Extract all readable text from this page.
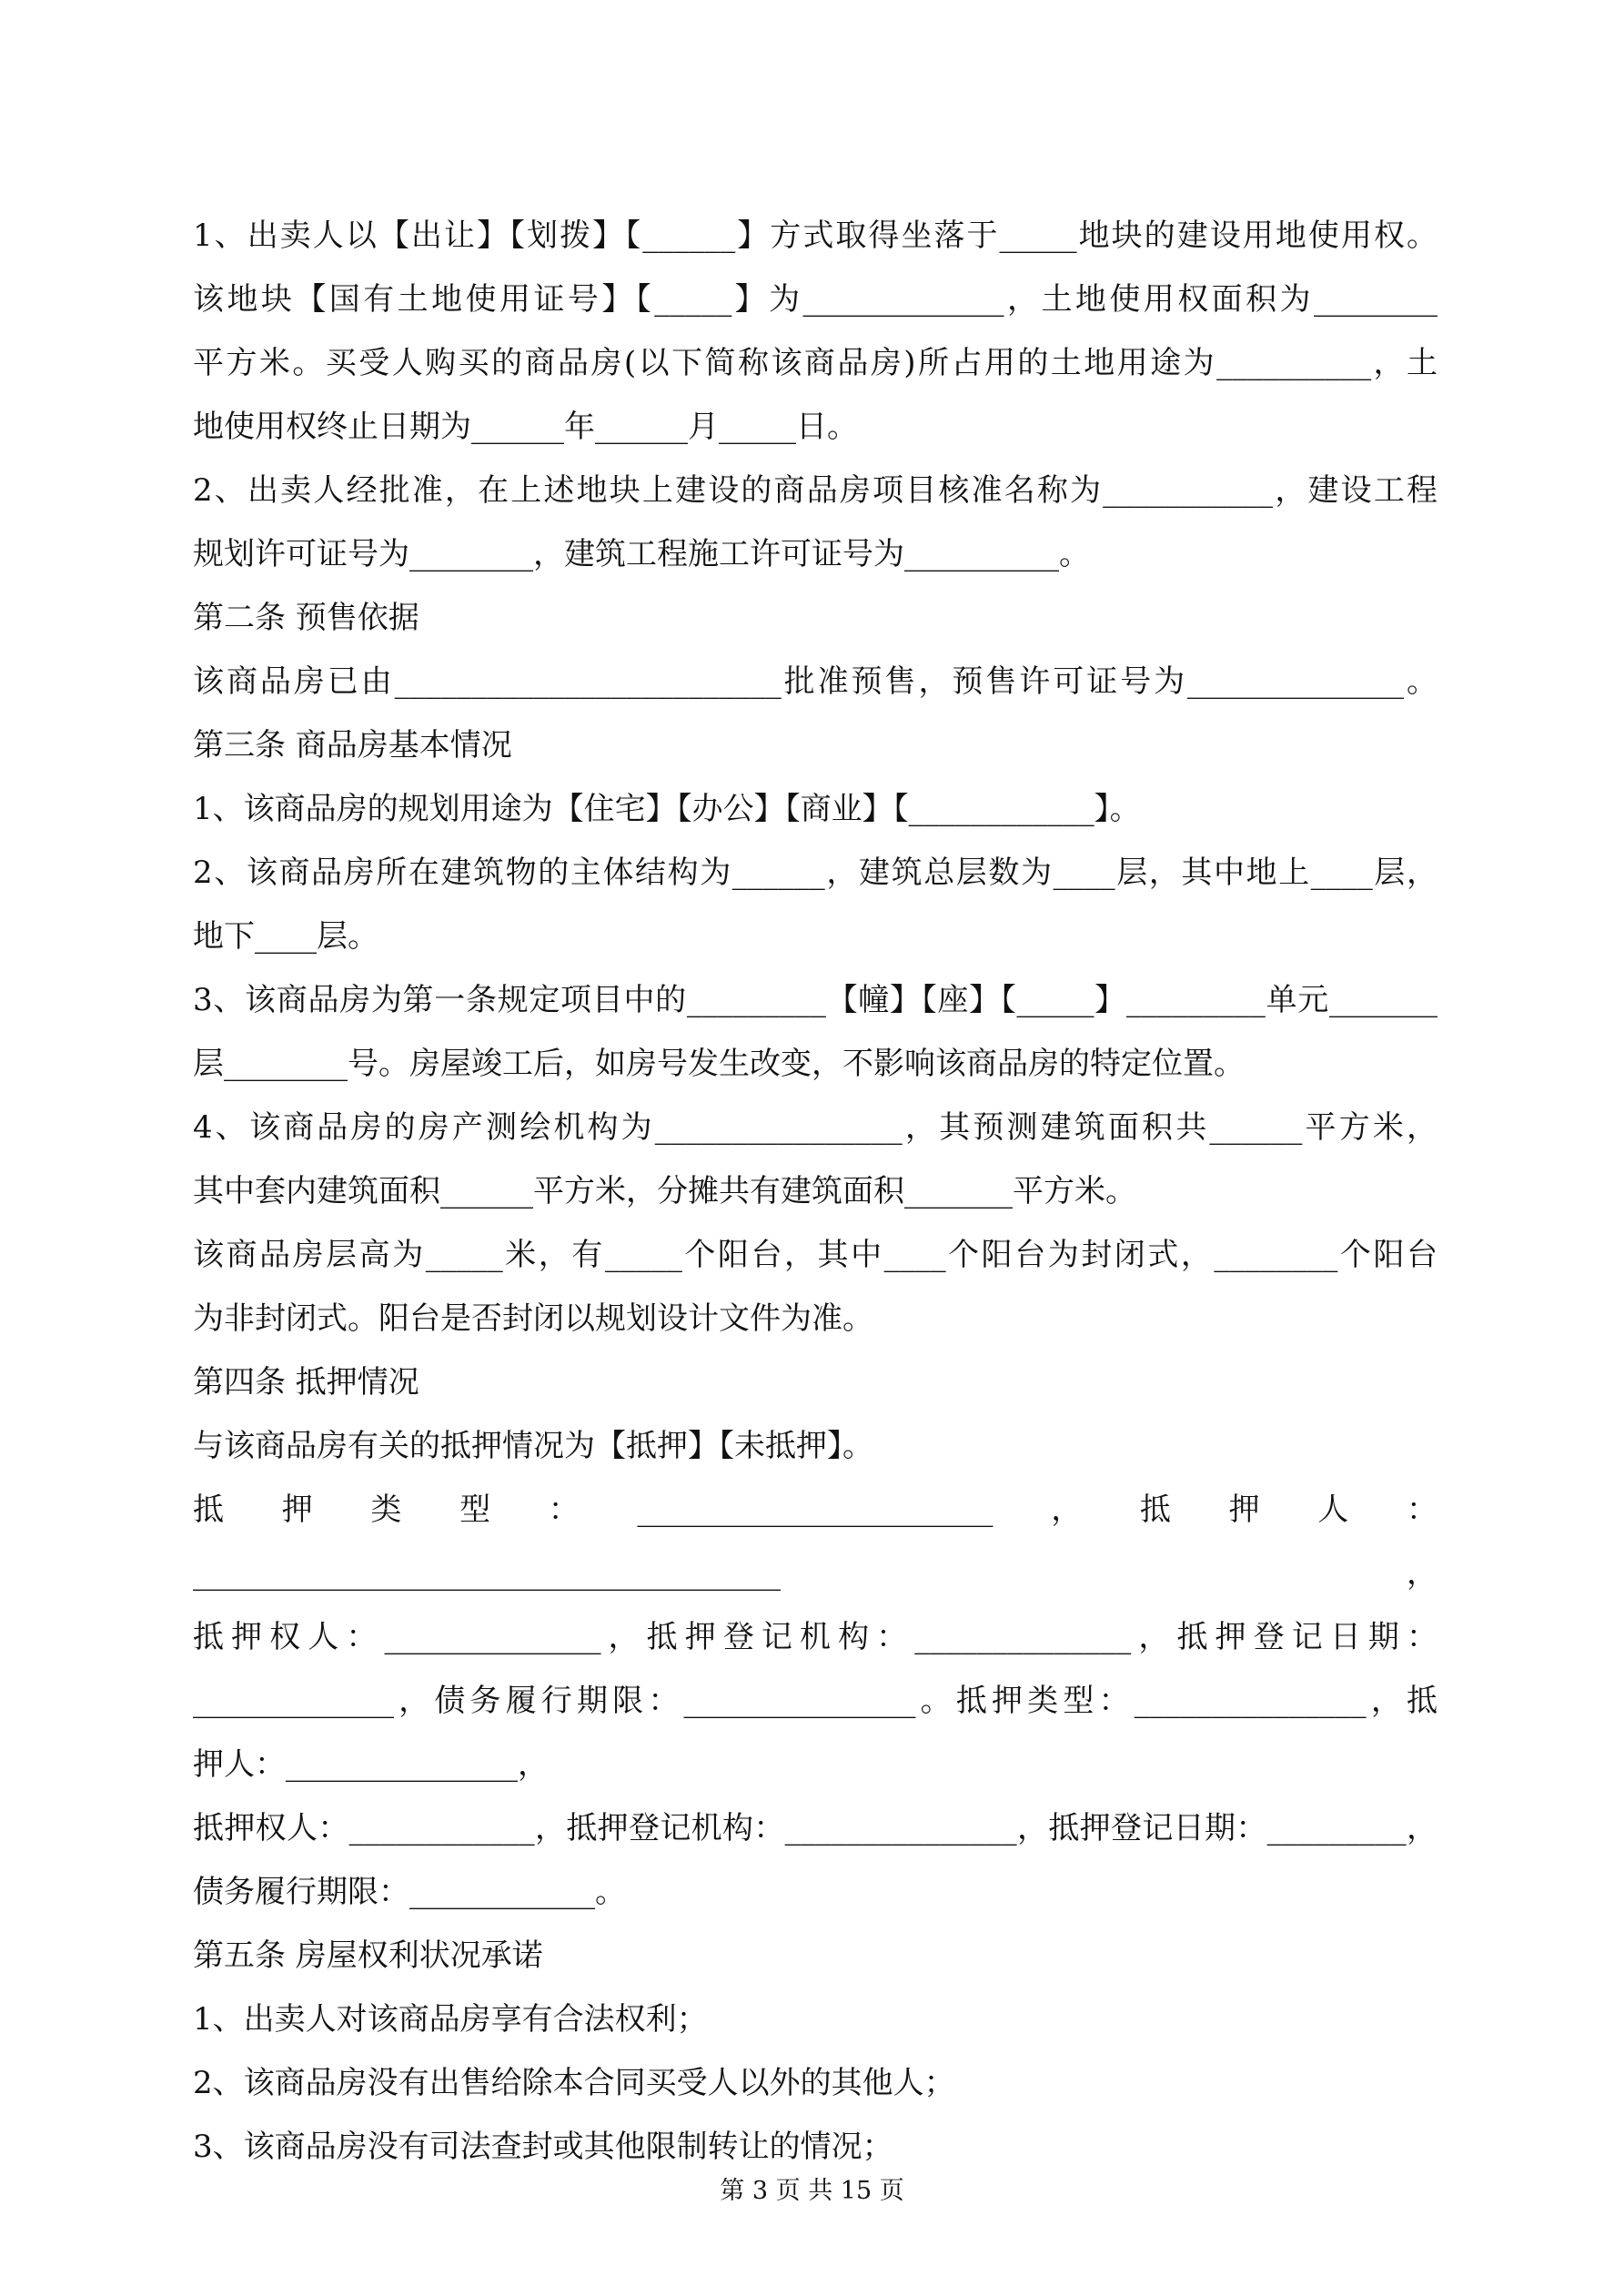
1、出卖人以【出让】【划拨】【______】方式取得坐落于_____地块的建设用地使用权。
该地块【国有土地使用证号】【_____】为_____________，土地使用权面积为________
平方米。买受人购买的商品房(以下简称该商品房)所占用的土地用途为__________，土
地使用权终止日期为______年______月_____日。
2、出卖人经批准，在上述地块上建设的商品房项目核准名称为___________，建设工程
规划许可证号为________，建筑工程施工许可证号为__________。
第二条 预售依据
该商品房已由_________________________批准预售，预售许可证号为______________。
第三条 商品房基本情况
1、该商品房的规划用途为【住宅】【办公】【商业】【____________】。
2、该商品房所在建筑物的主体结构为______，建筑总层数为____层，其中地上____层，
地下____层。
3、该商品房为第一条规定项目中的_________【幢】【座】【_____】_________单元_______
层________号。房屋竣工后，如房号发生改变，不影响该商品房的特定位置。
4、该商品房的房产测绘机构为________________，其预测建筑面积共______平方米，
其中套内建筑面积______平方米，分摊共有建筑面积_______平方米。
该商品房层高为_____米，有_____个阳台，其中____个阳台为封闭式，________个阳台
为非封闭式。阳台是否封闭以规划设计文件为准。
第四条 抵押情况
与该商品房有关的抵押情况为【抵押】【未抵押】。
抵押类型：_______________________，抵押人：______________________________________，
抵押权人：______________，抵押登记机构：______________，抵押登记日期：
_____________，债务履行期限：_______________。抵押类型：_______________，抵
押人：_______________，
抵押权人：____________，抵押登记机构：_______________，抵押登记日期：_________，
债务履行期限：____________。
第五条 房屋权利状况承诺
1、出卖人对该商品房享有合法权利；
2、该商品房没有出售给除本合同买受人以外的其他人；
3、该商品房没有司法查封或其他限制转让的情况；
第 3 页 共 15 页
